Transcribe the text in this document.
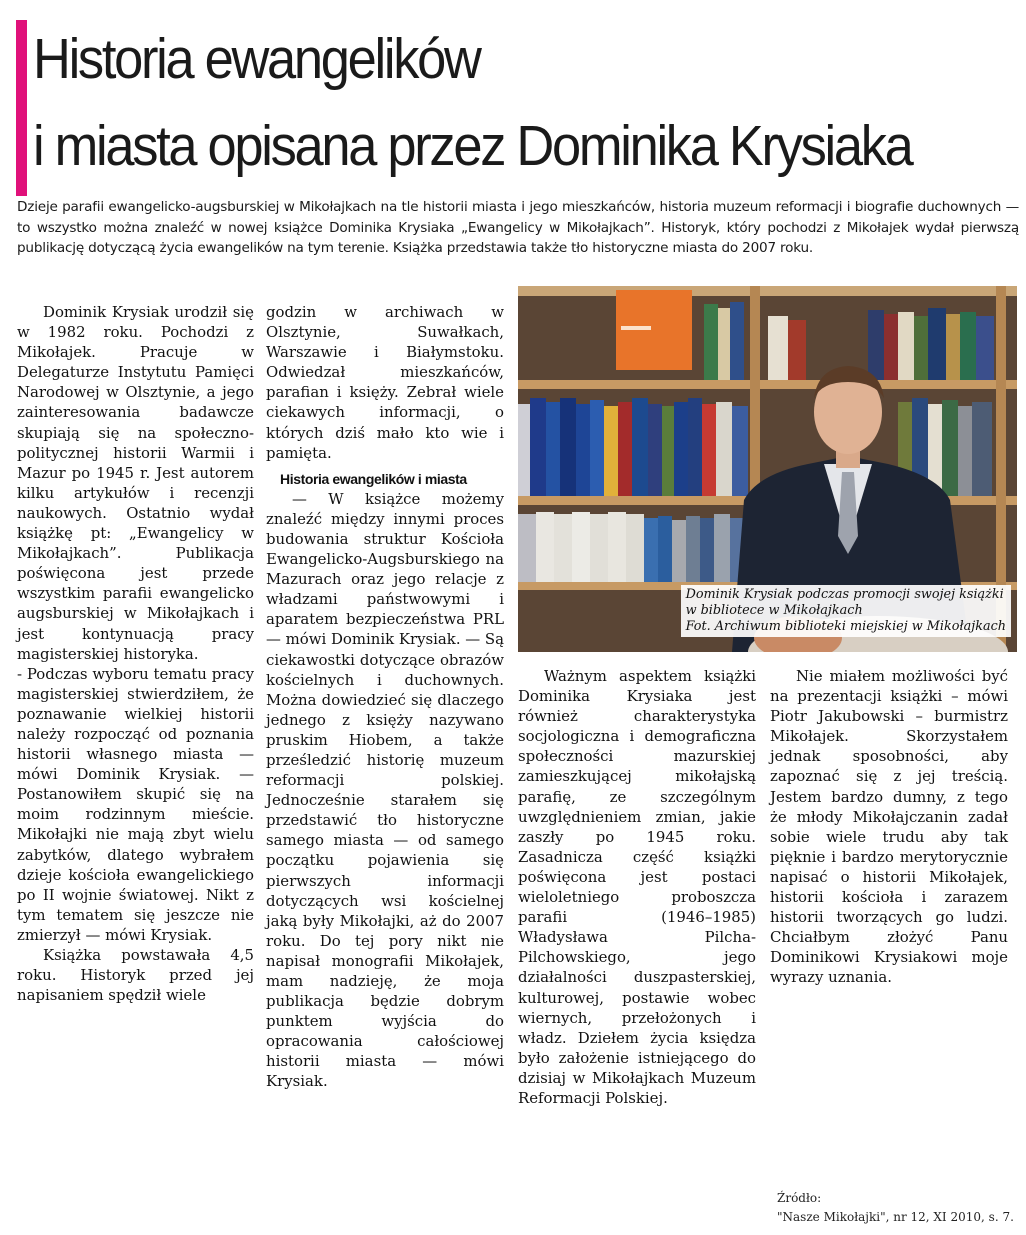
Historia ewangelików
i miasta opisana przez Dominika Krysiaka

Dzieje parafii ewangelicko-augsburskiej w Mikołajkach na tle historii miasta i jego mieszkańców, historia muzeum reformacji i biografie duchownych — to wszystko można znaleźć w nowej książce Dominika Krysiaka „Ewangelicy w Mikołajkach”. Historyk, który pochodzi z Mikołajek wydał pierwszą publikację dotyczącą życia ewangelików na tym terenie. Książka przedstawia także tło historyczne miasta do 2007 roku.

Dominik Krysiak urodził się w 1982 roku. Pochodzi z Mikołajek. Pracuje w Delegaturze Instytutu Pamięci Narodowej w Olsztynie, a jego zainteresowania badawcze skupiają się na społeczno-politycznej historii Warmii i Mazur po 1945 r. Jest autorem kilku artykułów i recenzji naukowych. Ostatnio wydał książkę pt: „Ewangelicy w Mikołajkach”. Publikacja poświęcona jest przede wszystkim parafii ewangelicko augsburskiej w Mikołajkach i jest kontynuacją pracy magisterskiej historyka.

- Podczas wyboru tematu pracy magisterskiej stwierdziłem, że poznawanie wielkiej historii należy rozpocząć od poznania historii własnego miasta — mówi Dominik Krysiak. — Postanowiłem skupić się na moim rodzinnym mieście. Mikołajki nie mają zbyt wielu zabytków, dlatego wybrałem dzieje kościoła ewangelickiego po II wojnie światowej. Nikt z tym tematem się jeszcze nie zmierzył — mówi Krysiak.

Książka powstawała 4,5 roku. Historyk przed jej napisaniem spędził wiele

godzin w archiwach w Olsztynie, Suwałkach, Warszawie i Białymstoku. Odwiedzał mieszkańców, parafian i księży. Zebrał wiele ciekawych informacji, o których dziś mało kto wie i pamięta.

Historia ewangelików i miasta

— W książce możemy znaleźć między innymi proces budowania struktur Kościoła Ewangelicko-Augsburskiego na Mazurach oraz jego relacje z władzami państwowymi i aparatem bezpieczeństwa PRL — mówi Dominik Krysiak. — Są ciekawostki dotyczące obrazów kościelnych i duchownych. Można dowiedzieć się dlaczego jednego z księży nazywano pruskim Hiobem, a także prześledzić historię muzeum reformacji polskiej. Jednocześnie starałem się przedstawić tło historyczne samego miasta — od samego początku pojawienia się pierwszych informacji dotyczących wsi kościelnej jaką były Mikołajki, aż do 2007 roku. Do tej pory nikt nie napisał monografii Mikołajek, mam nadzieję, że moja publikacja będzie dobrym punktem wyjścia do opracowania całościowej historii miasta — mówi Krysiak.

Dominik Krysiak podczas promocji swojej książki
w bibliotece w Mikołajkach
Fot. Archiwum biblioteki miejskiej w Mikołajkach

Ważnym aspektem książki Dominika Krysiaka jest również charakterystyka socjologiczna i demograficzna społeczności mazurskiej zamieszkującej mikołajską parafię, ze szczególnym uwzględnieniem zmian, jakie zaszły po 1945 roku. Zasadnicza część książki poświęcona jest postaci wieloletniego proboszcza parafii (1946–1985) Władysława Pilcha-Pilchowskiego, jego działalności duszpasterskiej, kulturowej, postawie wobec wiernych, przełożonych i władz. Dziełem życia księdza było założenie istniejącego do dzisiaj w Mikołajkach Muzeum Reformacji Polskiej.

Nie miałem możliwości być na prezentacji książki – mówi Piotr Jakubowski – burmistrz Mikołajek. Skorzystałem jednak sposobności, aby zapoznać się z jej treścią. Jestem bardzo dumny, z tego że młody Mikołajczanin zadał sobie wiele trudu aby tak pięknie i bardzo merytorycznie napisać o historii Mikołajek, historii kościoła i zarazem historii tworzących go ludzi. Chciałbym złożyć Panu Dominikowi Krysiakowi moje wyrazy uznania.

Źródło:
"Nasze Mikołajki", nr 12, XI 2010, s. 7.
